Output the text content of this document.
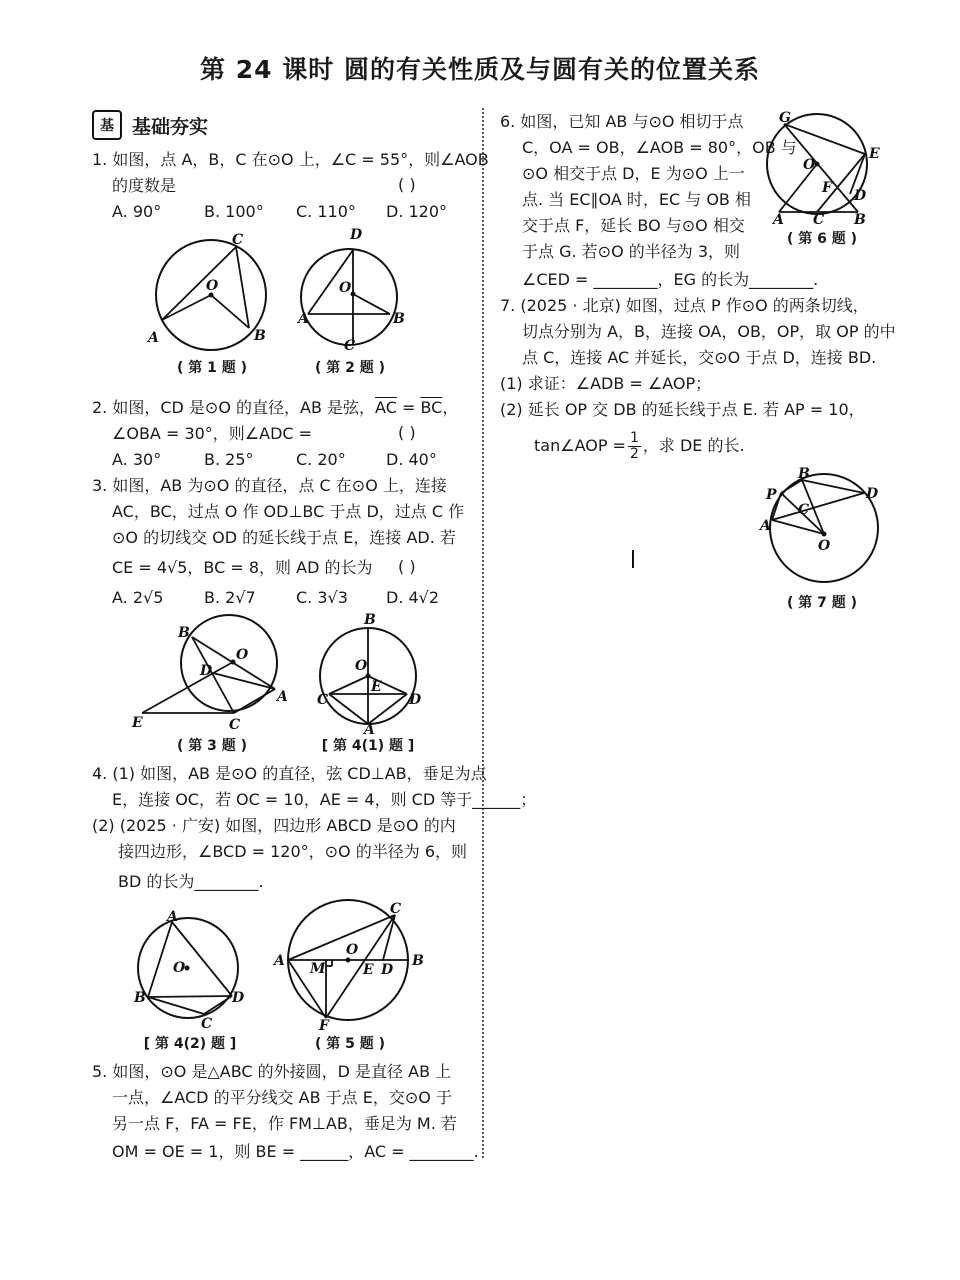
第 24 课时 圆的有关性质及与圆有关的位置关系
基 基础夯实
1. 如图，点 A，B，C 在⊙O 上，∠C = 55°，则∠AOB
的度数是	( )
A. 90°	B. 100° C. 110° D. 120°
A	B
C
O
( 第 1 题 )
D
A	B
C
O
( 第 2 题 )
2. 如图，CD 是⊙O 的直径，AB 是弦，$\overline{AC} = \overline{BC}$，
∠OBA = 30°，则∠ADC =	( )
A. 30°	B. 25°	C. 20°	D. 40°
3. 如图，AB 为⊙O 的直径，点 C 在⊙O 上，连接
AC，BC，过点 O 作 OD⊥BC 于点 D，过点 C 作
⊙O 的切线交 OD 的延长线于点 E，连接 AD. 若
CE = 4√5，BC = 8，则 AD 的长为 ( )
A. 2√5	B. 2√7	C. 3√3 D. 4√2
B
O
D
A
E	C
( 第 3 题 )
B
O
E
C	D
A
[ 第 4(1) 题 ]
4. (1) 如图，AB 是⊙O 的直径，弦 CD⊥AB，垂足为点
E，连接 OC，若 OC = 10，AE = 4，则 CD 等于______；
(2) (2025 · 广安) 如图，四边形 ABCD 是⊙O 的内
接四边形，∠BCD = 120°，⊙O 的半径为 6，则
BD 的长为________.
A
O
B	D
C
[ 第 4(2) 题 ]
C
A	B
M
O
E D
F
( 第 5 题 )
5. 如图，⊙O 是△ABC 的外接圆，D 是直径 AB 上
一点，∠ACD 的平分线交 AB 于点 E，交⊙O 于
另一点 F，FA = FE，作 FM⊥AB，垂足为 M. 若
OM = OE = 1，则 BE = ______，AC = ________.
6. 如图，已知 AB 与⊙O 相切于点
C，OA = OB，∠AOB = 80°，OB 与
⊙O 相交于点 D，E 为⊙O 上一
点. 当 EC∥OA 时，EC 与 OB 相
交于点 F，延长 BO 与⊙O 相交
于点 G. 若⊙O 的半径为 3，则
∠CED = ________，EG 的长为________.
G
E
O
F D
A C B
( 第 6 题 )
7. (2025 · 北京) 如图，过点 P 作⊙O 的两条切线，
切点分别为 A，B，连接 OA，OB，OP，取 OP 的中
点 C，连接 AC 并延长，交⊙O 于点 D，连接 BD.
(1) 求证：∠ADB = ∠AOP；
(2) 延长 OP 交 DB 的延长线于点 E. 若 AP = 10，
tan∠AOP = $\frac{1}{2}$ ，求 DE 的长.
P
B
D
C
A
O
( 第 7 题 )
